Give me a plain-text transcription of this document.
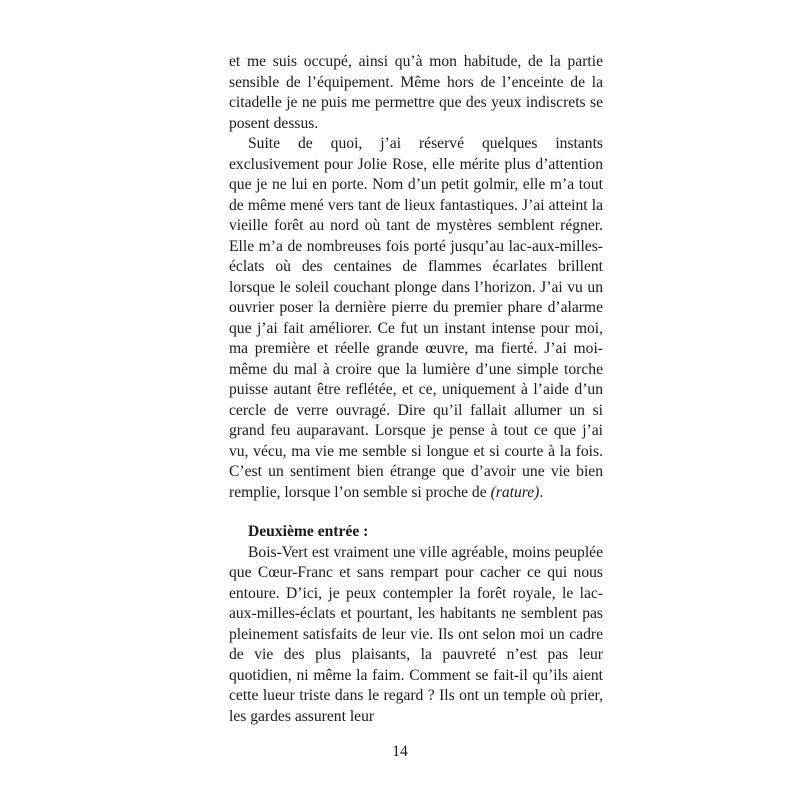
et me suis occupé, ainsi qu’à mon habitude, de la partie sensible de l’équipement. Même hors de l’enceinte de la citadelle je ne puis me permettre que des yeux indiscrets se posent dessus.

Suite de quoi, j’ai réservé quelques instants exclusivement pour Jolie Rose, elle mérite plus d’attention que je ne lui en porte. Nom d’un petit golmir, elle m’a tout de même mené vers tant de lieux fantastiques. J’ai atteint la vieille forêt au nord où tant de mystères semblent régner. Elle m’a de nombreuses fois porté jusqu’au lac-aux-milles-éclats où des centaines de flammes écarlates brillent lorsque le soleil couchant plonge dans l’horizon. J’ai vu un ouvrier poser la dernière pierre du premier phare d’alarme que j’ai fait améliorer. Ce fut un instant intense pour moi, ma première et réelle grande œuvre, ma fierté. J’ai moi-même du mal à croire que la lumière d’une simple torche puisse autant être reflétée, et ce, uniquement à l’aide d’un cercle de verre ouvragé. Dire qu’il fallait allumer un si grand feu auparavant. Lorsque je pense à tout ce que j’ai vu, vécu, ma vie me semble si longue et si courte à la fois. C’est un sentiment bien étrange que d’avoir une vie bien remplie, lorsque l’on semble si proche de (rature).

Deuxième entrée :

Bois-Vert est vraiment une ville agréable, moins peuplée que Cœur-Franc et sans rempart pour cacher ce qui nous entoure. D’ici, je peux contempler la forêt royale, le lac-aux-milles-éclats et pourtant, les habitants ne semblent pas pleinement satisfaits de leur vie. Ils ont selon moi un cadre de vie des plus plaisants, la pauvreté n’est pas leur quotidien, ni même la faim. Comment se fait-il qu’ils aient cette lueur triste dans le regard ? Ils ont un temple où prier, les gardes assurent leur

14
